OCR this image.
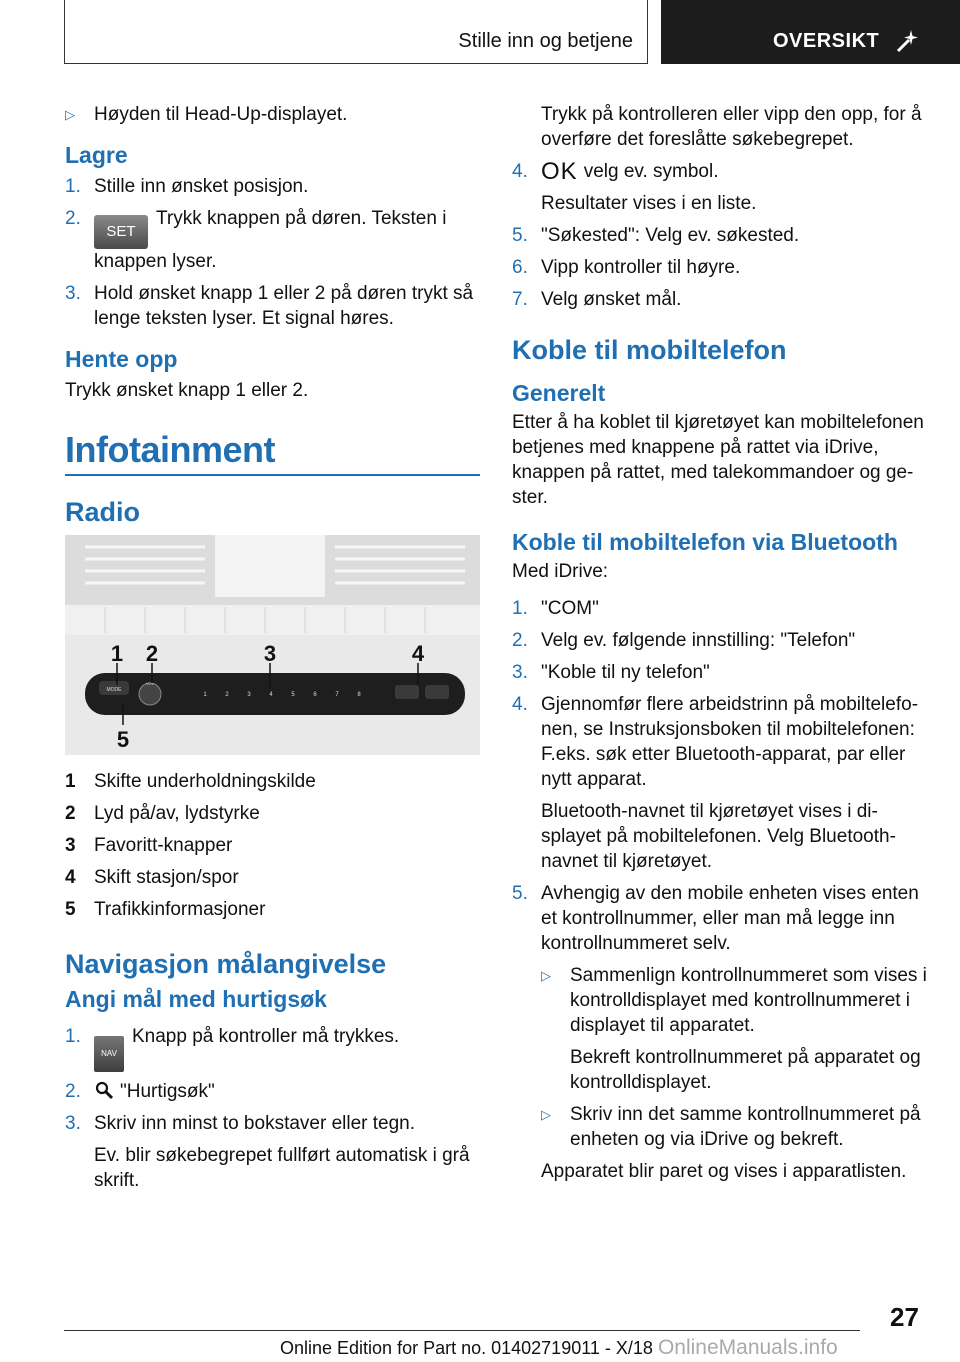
Stille inn og betjene	OVERSIKT
▷ Høyden til Head-Up-displayet.
Lagre
1. Stille inn ønsket posisjon.
2.
SETTrykk knappen på døren. Teksten i knappen lyser.
3. Hold ønsket knapp 1 eller 2 på døren trykt så lenge teksten lyser. Et signal høres.
Hente opp
Trykk ønsket knapp 1 eller 2.
Infotainment
Radio
MODE
VOL
1	2	3	4	5	6	7	8
1 2	3	4
5
1 Skifte underholdningskilde
2 Lyd på/av, lydstyrke
3 Favoritt-knapper
4 Skift stasjon/spor
5 Trafikkinformasjoner
Navigasjon målangivelse
Angi mål med hurtigsøk
1.
NAVKnapp på kontroller må trykkes.
2. "Hurtigsøk"
3. Skriv inn minst to bokstaver eller tegn.
Ev. blir søkebegrepet fullført automatisk i grå skrift.
Trykk på kontrolleren eller vipp den opp, for å overføre det foreslåtte søkebegrepet.
4. OK velg ev. symbol.
Resultater vises i en liste.
5. "Søkested": Velg ev. søkested.
6. Vipp kontroller til høyre.
7. Velg ønsket mål.
Koble til mobiltelefon
Generelt
Etter å ha koblet til kjøretøyet kan mobiltelefonen betjenes med knappene på rattet via iDrive, knappen på rattet, med talekommandoer og gester.
Koble til mobiltelefon via Bluetooth
Med iDrive:
1. "COM"
2. Velg ev. følgende innstilling: "Telefon"
3. "Koble til ny telefon"
4. Gjennomfør flere arbeidstrinn på mobiltelefonen, se Instruksjonsboken til mobiltelefonen: F.eks. søk etter Bluetooth-apparat, par eller nytt apparat.
Bluetooth-navnet til kjøretøyet vises i displayet på mobiltelefonen. Velg Bluetooth-navnet til kjøretøyet.
5. Avhengig av den mobile enheten vises enten et kontrollnummer, eller man må legge inn kontrollnummeret selv.
▷ Sammenlign kontrollnummeret som vises i kontrolldisplayet med kontrollnummeret i displayet til apparatet.
Bekreft kontrollnummeret på apparatet og kontrolldisplayet.
▷ Skriv inn det samme kontrollnummeret på enheten og via iDrive og bekreft.
Apparatet blir paret og vises i apparatlisten.
27
Online Edition for Part no. 01402719011 - X/18 OnlineManuals.info
